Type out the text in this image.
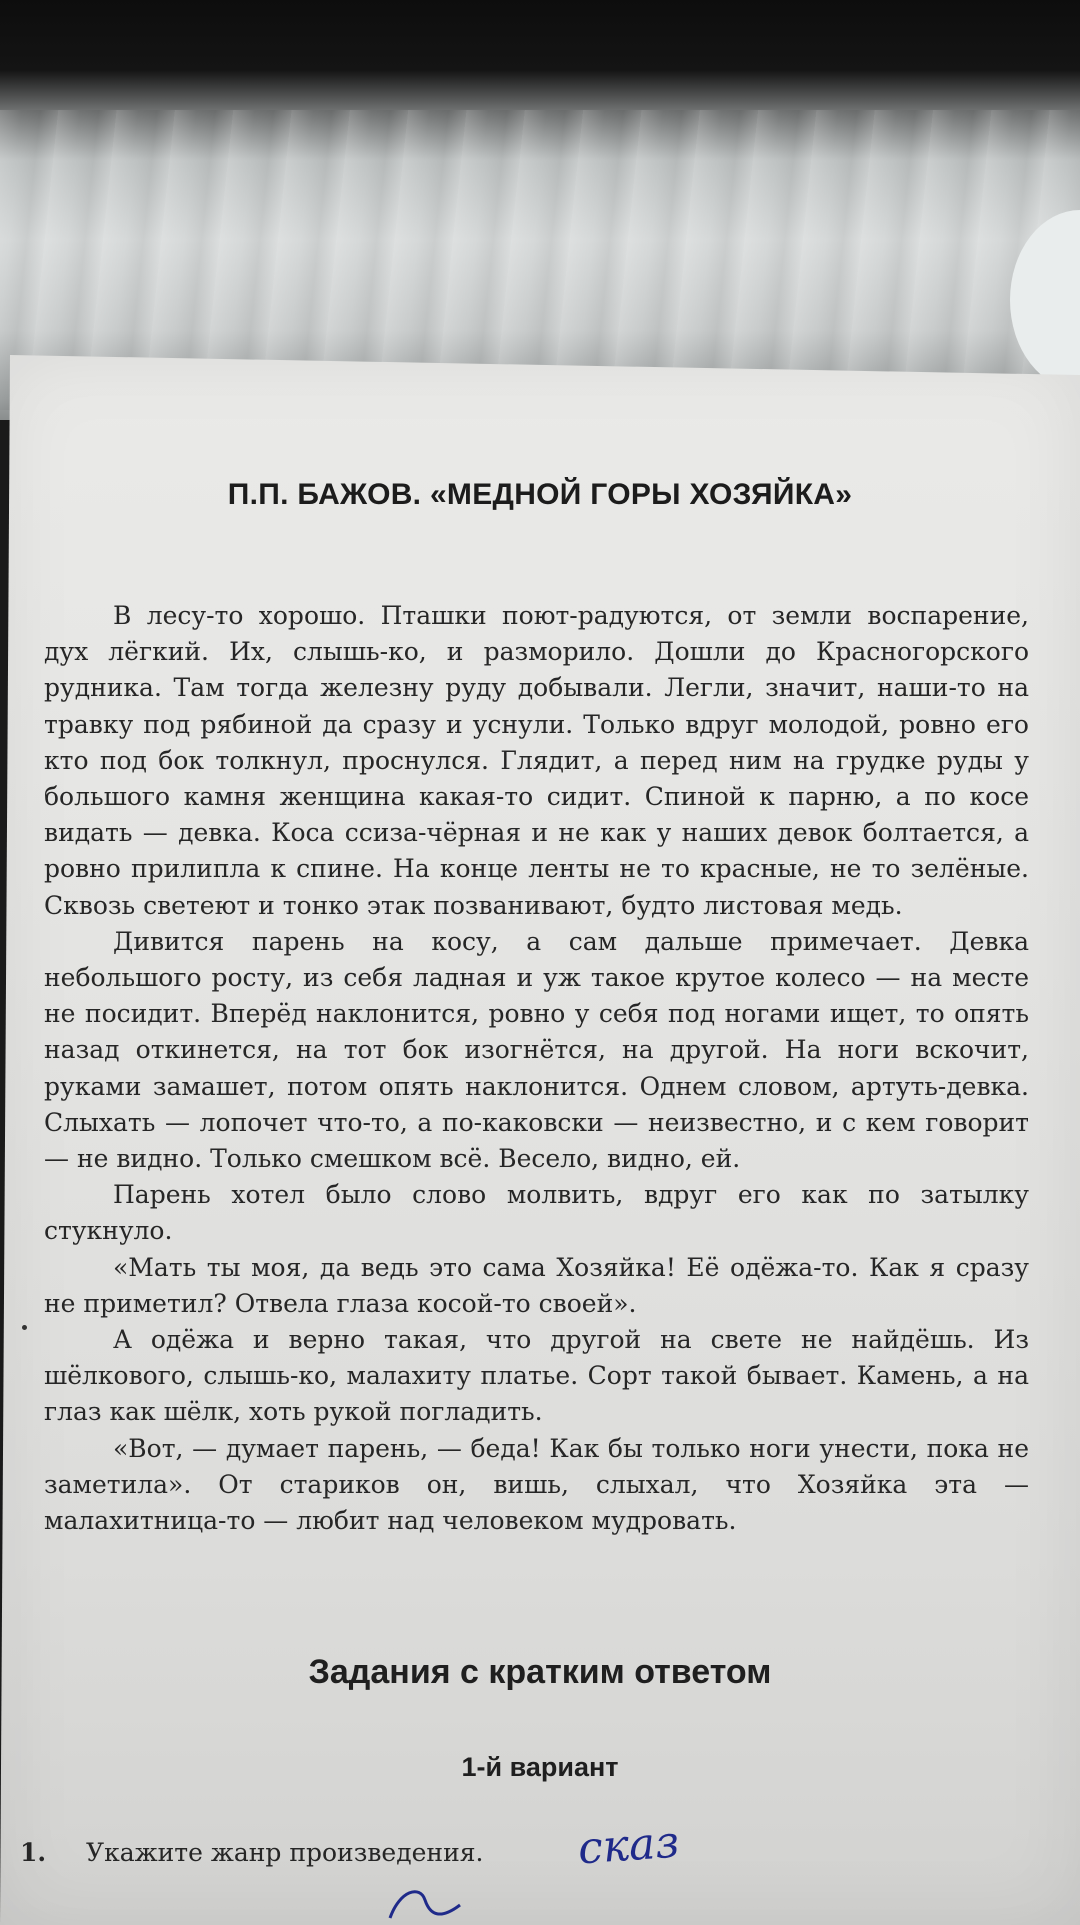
П.П. БАЖОВ. «МЕДНОЙ ГОРЫ ХОЗЯЙКА»

В лесу-то хорошо. Пташки поют-радуются, от земли воспарение, дух лёгкий. Их, слышь-ко, и разморило. Дошли до Красногорского рудника. Там тогда железну руду добывали. Легли, значит, наши-то на травку под рябиной да сразу и уснули. Только вдруг молодой, ровно его кто под бок толкнул, проснулся. Глядит, а перед ним на грудке руды у большого камня женщина какая-то сидит. Спиной к парню, а по косе видать — девка. Коса ссиза-чёрная и не как у наших девок болтается, а ровно прилипла к спине. На конце ленты не то красные, не то зелёные. Сквозь светеют и тонко этак позванивают, будто листовая медь.

Дивится парень на косу, а сам дальше примечает. Девка небольшого росту, из себя ладная и уж такое крутое колесо — на месте не посидит. Вперёд наклонится, ровно у себя под ногами ищет, то опять назад откинется, на тот бок изогнётся, на другой. На ноги вскочит, руками замашет, потом опять наклонится. Однем словом, артуть-девка. Слыхать — лопочет что-то, а по-каковски — неизвестно, и с кем говорит — не видно. Только смешком всё. Весело, видно, ей.

Парень хотел было слово молвить, вдруг его как по затылку стукнуло.

«Мать ты моя, да ведь это сама Хозяйка! Её одёжа-то. Как я сразу не приметил? Отвела глаза косой-то своей».

А одёжа и верно такая, что другой на свете не найдёшь. Из шёлкового, слышь-ко, малахиту платье. Сорт такой бывает. Камень, а на глаз как шёлк, хоть рукой погладить.

«Вот, — думает парень, — беда! Как бы только ноги унести, пока не заметила». От стариков он, вишь, слыхал, что Хозяйка эта — малахитница-то — любит над человеком мудровать.

Задания с кратким ответом
1-й вариант
1. Укажите жанр произведения.	сказ
